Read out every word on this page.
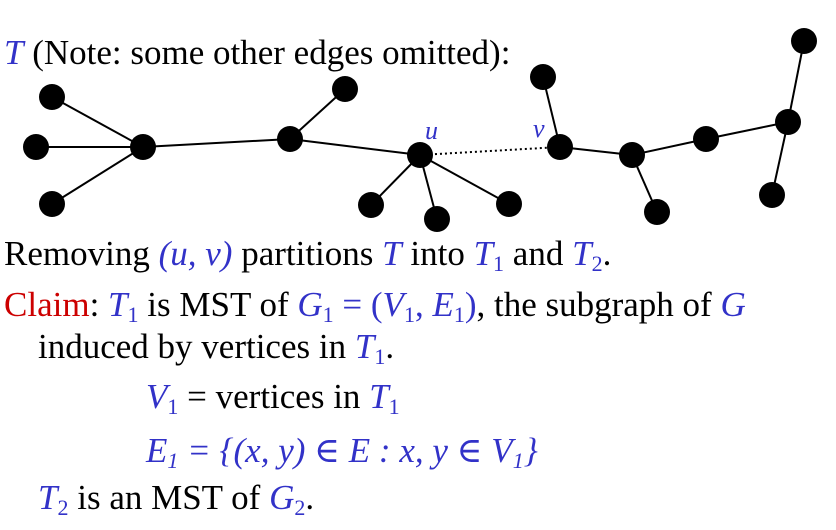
u	v
T (Note: some other edges omitted):
Removing (u, v) partitions T into $T_1$ and $T_2$.
Claim: $T_1$ is MST of $G_1 = (V_1$, $E_1$), the subgraph of G
induced by vertices in $T_1$.
$V_1$ = vertices in $T_1$
$E_1 = \{(x$, y) ∈ E : x, y ∈ $V_1$}
$T_2$ is an MST of $G_2$.
